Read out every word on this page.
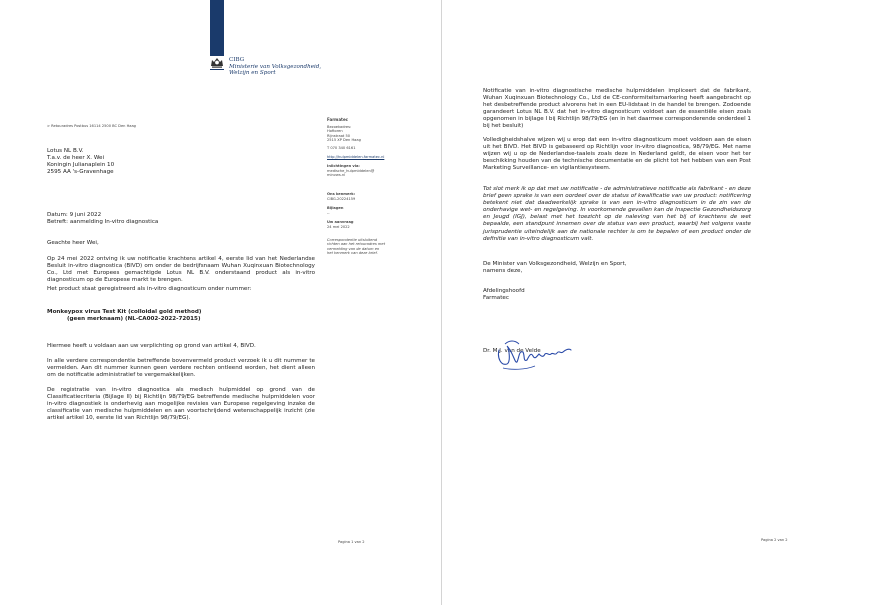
CIBG
Ministerie van Volksgezondheid,
Welzijn en Sport
> Retouradres Postbus 16114 2500 BC Den Haag
Lotus NL B.V.
T.a.v. de heer X. Wei
Koningin Julianaplein 10
2595 AA 's-Gravenhage
Datum: 9 juni 2022
Betreft: aanmelding In-vitro diagnostica
Geachte heer Wei,
Op 24 mei 2022 ontving ik uw notificatie krachtens artikel 4, eerste lid van het Nederlandse Besluit in-vitro diagnostica (BIVD) om onder de bedrijfsnaam Wuhan Xuqinxuan Biotechnology Co., Ltd met Europees gemachtigde Lotus NL B.V. onderstaand product als in-vitro diagnosticum op de Europese markt te brengen.
Het product staat geregistreerd als in-vitro diagnosticum onder nummer:
Monkeypox virus Test Kit (colloidal gold method)
(geen merknaam) (NL-CA002-2022-72015)
Hiermee heeft u voldaan aan uw verplichting op grond van artikel 4, BIVD.
In alle verdere correspondentie betreffende bovenvermeld product verzoek ik u dit nummer te vermelden. Aan dit nummer kunnen geen verdere rechten ontleend worden, het dient alleen om de notificatie administratief te vergemakkelijken.
De registratie van in-vitro diagnostica als medisch hulpmiddel op grond van de Classificatiecriteria (Bijlage II) bij Richtlijn 98/79/EG betreffende medische hulpmiddelen voor in-vitro diagnostiek is onderhevig aan mogelijke revisies van Europese regelgeving inzake de classificatie van medische hulpmiddelen en aan voortschrijdend wetenschappelijk inzicht (zie artikel artikel 10, eerste lid van Richtlijn 98/79/EG).
Pagina 1 van 2
Farmatec
Bezoekadres:
Hoftoren
Rijnstraat 50
2515 XP Den Haag
T 070 340 6161
http://hulpmiddelen.farmatec.nl
Inlichtingen via:
medische_hulpmiddelen@
minvws.nl
Ons kenmerk:
CIBG-20224159
Bijlagen
--
Uw aanvraag
24 mei 2022
Correspondentie uitsluitend
richten aan het retouradres met
vermelding van de datum en
het kenmerk van deze brief.
Notificatie van in-vitro diagnostische medische hulpmiddelen impliceert dat de fabrikant, Wuhan Xuqinxuan Biotechnology Co., Ltd de CE-conformiteitsmarkering heeft aangebracht op het desbetreffende product alvorens het in een EU-lidstaat in de handel te brengen. Zodoende garandeert Lotus NL B.V. dat het in-vitro diagnosticum voldoet aan de essentiële eisen zoals opgenomen in bijlage I bij Richtlijn 98/79/EG (en in het daarmee corresponderende onderdeel 1 bij het besluit)
Volledigheidshalve wijzen wij u erop dat een in-vitro diagnosticum moet voldoen aan de eisen uit het BIVD. Het BIVD is gebaseerd op Richtlijn voor in-vitro diagnostica, 98/79/EG. Met name wijzen wij u op de Nederlandse-taaleis zoals deze in Nederland geldt, de eisen voor het ter beschikking houden van de technische documentatie en de plicht tot het hebben van een Post Marketing Surveillance- en vigilantiesysteem.
Tot slot merk ik op dat met uw notificatie - de administratieve notificatie als fabrikant - en deze brief geen sprake is van een oordeel over de status of kwalificatie van uw product: notificering betekent niet dat daadwerkelijk sprake is van een in-vitro diagnosticum in de zin van de onderhavige wet- en regelgeving. In voorkomende gevallen kan de Inspectie Gezondheidszorg en Jeugd (IGJ), belast met het toezicht op de naleving van het bij of krachtens de wet bepaalde, een standpunt innemen over de status van een product, waarbij het volgens vaste jurisprudentie uiteindelijk aan de nationale rechter is om te bepalen of een product onder de definitie van in-vitro diagnosticum valt.
De Minister van Volksgezondheid, Welzijn en Sport,
namens deze,
Afdelingshoofd
Farmatec
Dr. M.J. van de Velde
Pagina 2 van 2
